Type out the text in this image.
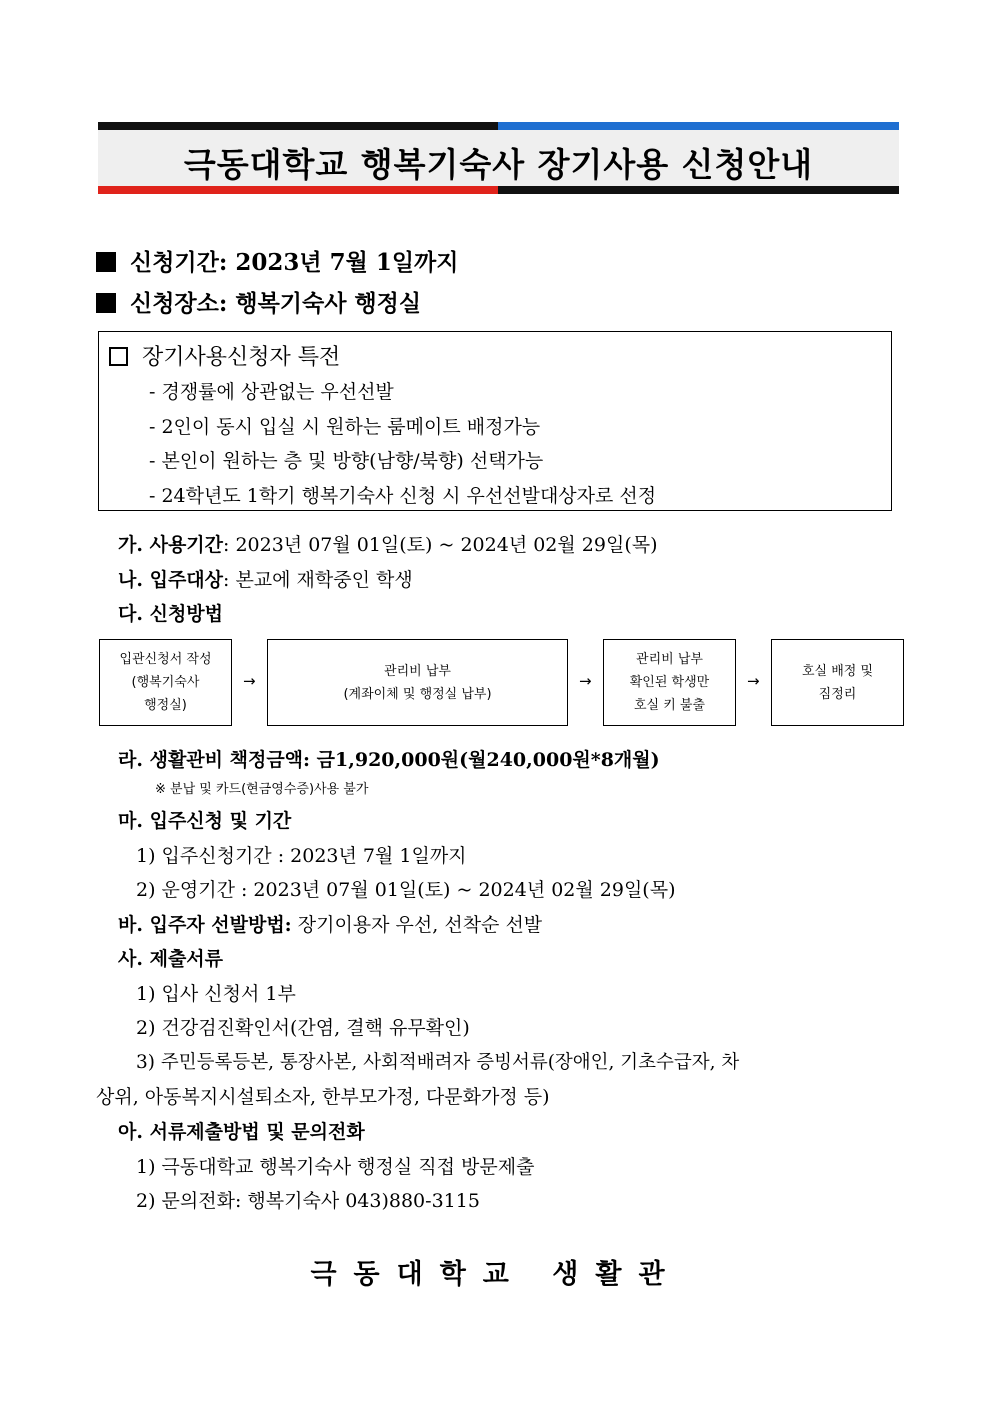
극동대학교 행복기숙사 장기사용 신청안내
신청기간: 2023년 7월 1일까지
신청장소: 행복기숙사 행정실
장기사용신청자 특전
- 경쟁률에 상관없는 우선선발
- 2인이 동시 입실 시 원하는 룸메이트 배정가능
- 본인이 원하는 층 및 방향(남향/북향) 선택가능
- 24학년도 1학기 행복기숙사 신청 시 우선선발대상자로 선정
가. 사용기간: 2023년 07월 01일(토) ~ 2024년 02월 29일(목)
나. 입주대상: 본교에 재학중인 학생
다. 신청방법
입관신청서 작성
(행복기숙사
행정실)
→
관리비 납부
(계좌이체 및 행정실 납부)
→
관리비 납부
확인된 학생만
호실 키 불출
→
호실 배정 및
짐정리
라. 생활관비 책정금액: 금1,920,000원(월240,000원*8개월)
※ 분납 및 카드(현금영수증)사용 불가
마. 입주신청 및 기간
1) 입주신청기간 : 2023년 7월 1일까지
2) 운영기간 : 2023년 07월 01일(토) ~ 2024년 02월 29일(목)
바. 입주자 선발방법: 장기이용자 우선, 선착순 선발
사. 제출서류
1) 입사 신청서 1부
2) 건강검진확인서(간염, 결핵 유무확인)
3) 주민등록등본, 통장사본, 사회적배려자 증빙서류(장애인, 기초수급자, 차
상위, 아동복지시설퇴소자, 한부모가정, 다문화가정 등)
아. 서류제출방법 및 문의전화
1) 극동대학교 행복기숙사 행정실 직접 방문제출
2) 문의전화: 행복기숙사 043)880-3115
극동대학교 생활관
